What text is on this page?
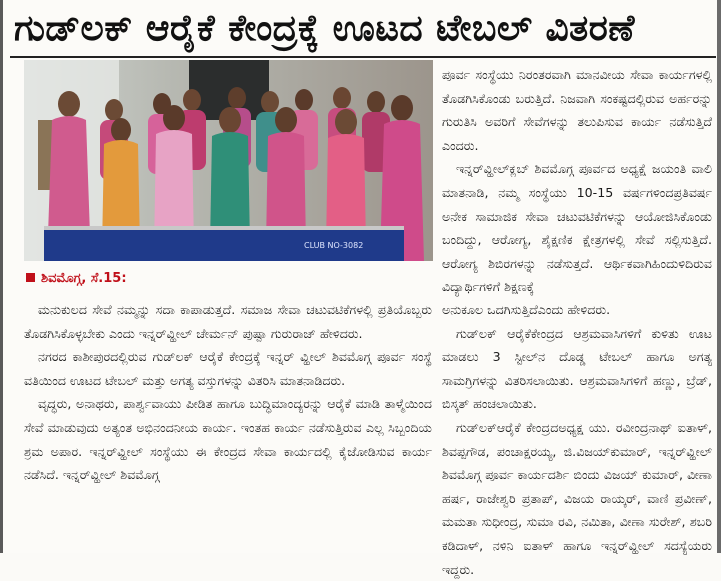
ಗುಡ್‌ಲಕ್ ಆರೈಕೆ ಕೇಂದ್ರಕ್ಕೆ ಊಟದ ಟೇಬಲ್ ವಿತರಣೆ
CLUB NO-3082

ಪೂರ್ವ ಸಂಸ್ಥೆಯು ನಿರಂತರವಾಗಿ ಮಾನವೀಯ ಸೇವಾ ಕಾರ್ಯಗಳಲ್ಲಿ ತೊಡಗಿಸಿಕೊಂಡು ಬರುತ್ತಿದೆ. ನಿಜವಾಗಿ ಸಂಕಷ್ಟದಲ್ಲಿರುವ ಅರ್ಹರನ್ನು ಗುರುತಿಸಿ ಅವರಿಗೆ ಸೇವೆಗಳನ್ನು ತಲುಪಿಸುವ ಕಾರ್ಯ ನಡೆಸುತ್ತಿದೆ ಎಂದರು.

ಇನ್ನರ್‌ವ್ಹೀಲ್‌ಕ್ಲಬ್ ಶಿವಮೊಗ್ಗ ಪೂರ್ವದ ಅಧ್ಯಕ್ಷೆ ಜಯಂತಿ ವಾಲಿ ಮಾತನಾಡಿ, ನಮ್ಮ ಸಂಸ್ಥೆಯು 10-15 ವರ್ಷಗಳಿಂದಪ್ರತಿವರ್ಷ ಅನೇಕ ಸಾಮಾಜಿಕ ಸೇವಾ ಚಟುವಟಿಕೆಗಳನ್ನು ಆಯೋಜಿಸಿಕೊಂಡು ಬಂದಿದ್ದು, ಆರೋಗ್ಯ, ಶೈಕ್ಷಣಿಕ ಕ್ಷೇತ್ರಗಳಲ್ಲಿ ಸೇವೆ ಸಲ್ಲಿಸುತ್ತಿದೆ. ಆರೋಗ್ಯ ಶಿಬಿರಗಳನ್ನು ನಡೆಸುತ್ತದೆ. ಆರ್ಥಿಕವಾಗಿಹಿಂದುಳಿದಿರುವ ವಿದ್ಯಾರ್ಥಿಗಳಿಗೆ ಶಿಕ್ಷಣಕ್ಕೆ

ಶಿವಮೊಗ್ಗ, ಸೆ.15:

ಮನುಕುಲದ ಸೇವೆ ನಮ್ಮನ್ನು ಸದಾ ಕಾಪಾಡುತ್ತದೆ. ಸಮಾಜ ಸೇವಾ ಚಟುವಟಿಕೆಗಳಲ್ಲಿ ಪ್ರತಿಯೊಬ್ಬರು ತೊಡಗಿಸಿಕೊಳ್ಳಬೇಕು ಎಂದು ಇನ್ನರ್‌ವ್ಹೀಲ್ ಚೇರ್ಮನ್ ಪುಷ್ಪಾ ಗುರುರಾಜ್ ಹೇಳಿದರು.

ನಗರದ ಕಾಶೀಪುರದಲ್ಲಿರುವ ಗುಡ್‌ಲಕ್ ಆರೈಕೆ ಕೇಂದ್ರಕ್ಕೆ ಇನ್ನರ್ ವ್ಹೀಲ್ ಶಿವಮೊಗ್ಗ ಪೂರ್ವ ಸಂಸ್ಥೆ ವತಿಯಿಂದ ಊಟದ ಟೇಬಲ್ ಮತ್ತು ಅಗತ್ಯ ವಸ್ತುಗಳನ್ನು ವಿತರಿಸಿ ಮಾತನಾಡಿದರು.

ವೃದ್ಧರು, ಅನಾಥರು, ಪಾರ್ಶ್ವವಾಯು ಪೀಡಿತ ಹಾಗೂ ಬುದ್ಧಿಮಾಂದ್ಯರನ್ನು ಆರೈಕೆ ಮಾಡಿ ತಾಳ್ಮೆಯಿಂದ ಸೇವೆ ಮಾಡುವುದು ಅತ್ಯಂತ ಅಭಿನಂದನೀಯ ಕಾರ್ಯ. ಇಂತಹ ಕಾರ್ಯ ನಡೆಸುತ್ತಿರುವ ಎಲ್ಲ ಸಿಬ್ಬಂದಿಯ ಶ್ರಮ ಅಪಾರ. ಇನ್ನರ್‌ವ್ಹೀಲ್ ಸಂಸ್ಥೆಯು ಈ ಕೇಂದ್ರದ ಸೇವಾ ಕಾರ್ಯದಲ್ಲಿ ಕೈಜೋಡಿಸುವ ಕಾರ್ಯ ನಡೆಸಿದೆ. ಇನ್ನರ್‌ವ್ಹೀಲ್ ಶಿವಮೊಗ್ಗ

ಅನುಕೂಲ ಒದಗಿಸುತ್ತಿದೆಎಂದು ಹೇಳಿದರು.

ಗುಡ್‌ಲಕ್ ಆರೈಕೆಕೇಂದ್ರದ ಆಶ್ರಮವಾಸಿಗಳಿಗೆ ಕುಳಿತು ಊಟ ಮಾಡಲು 3 ಸ್ಟೀಲ್‌ನ ದೊಡ್ಡ ಟೇಬಲ್ ಹಾಗೂ ಅಗತ್ಯ ಸಾಮಗ್ರಿಗಳನ್ನು ವಿತರಿಸಲಾಯಿತು. ಆಶ್ರಮವಾಸಿಗಳಿಗೆ ಹಣ್ಣು, ಬ್ರೆಡ್, ಬಿಸ್ಕತ್ ಹಂಚಲಾಯಿತು.

ಗುಡ್‌ಲಕ್‌ಆರೈಕೆ ಕೇಂದ್ರದಅಧ್ಯಕ್ಷ ಯು. ರವೀಂದ್ರನಾಥ್ ಐತಾಳ್, ಶಿವಪ್ಪಗೌಡ, ಪಂಚಾಕ್ಷರಯ್ಯ, ಜಿ.ವಿಜಯ್‌ಕುಮಾರ್, ಇನ್ನರ್‌ವ್ಹೀಲ್ ಶಿವಮೊಗ್ಗ ಪೂರ್ವ ಕಾರ್ಯದರ್ಶಿ ಬಿಂದು ವಿಜಯ್ ಕುಮಾರ್, ವೀಣಾ ಹರ್ಷ, ರಾಜೇಶ್ವರಿ ಪ್ರತಾಪ್, ವಿಜಯ ರಾಯ್ಕರ್, ವಾಣಿ ಪ್ರವೀಣ್, ಮಮತಾ ಸುಧೀಂದ್ರ, ಸುಮಾ ರವಿ, ನಮಿತಾ, ವೀಣಾ ಸುರೇಶ್, ಶಬರಿ ಕಡಿದಾಳ್, ನಳಿನಿ ಐತಾಳ್ ಹಾಗೂ ಇನ್ನರ್‌ವ್ಹೀಲ್ ಸದಸ್ಯೆಯರು ಇದ್ದರು.
